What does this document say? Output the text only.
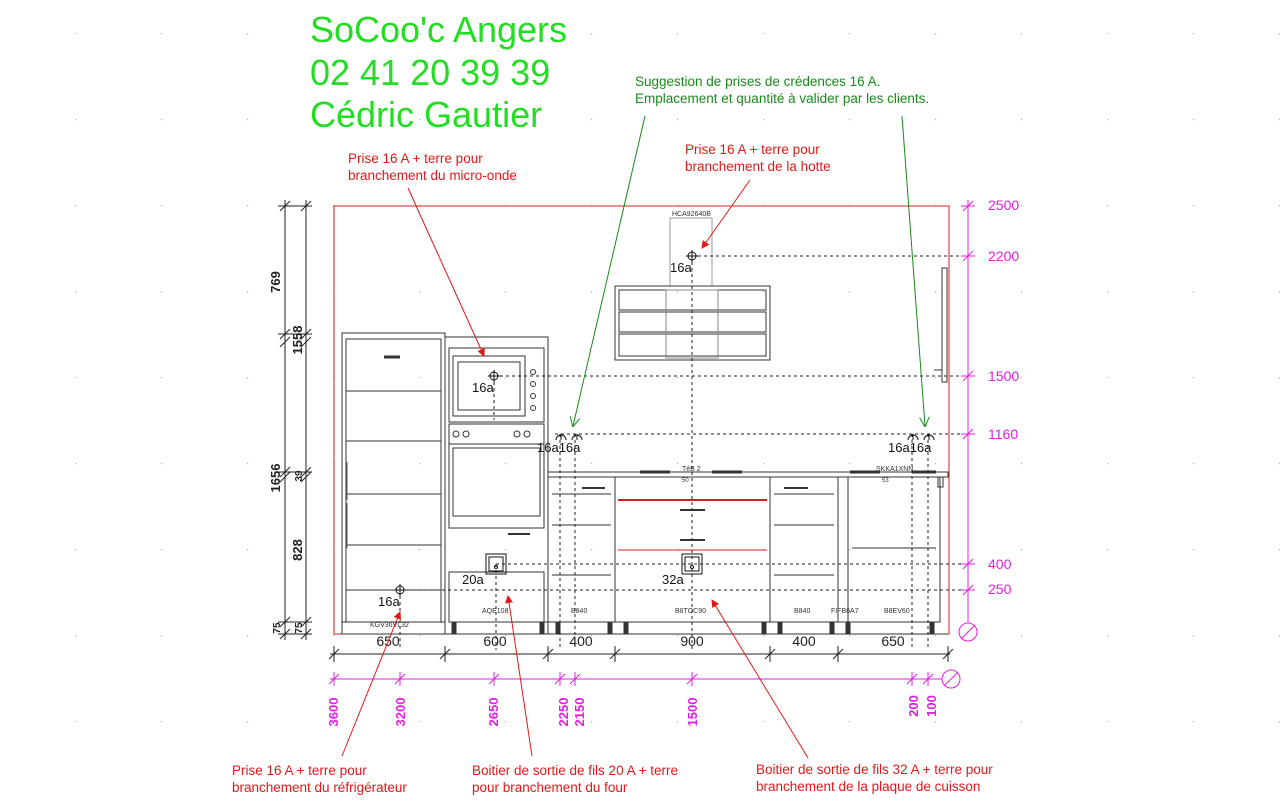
KGV36VL32
AQE108	B840	B8TOC90
TéB 2
50
B840	FIFB6A7	B8EV60
SKKA1XNN
53
HCA92640B
16a
16a
16a
20a	32a
16a16a	16a16a
769
1558
1656 39
828
75 75
650	600	400	900	400	650
3600	3200	2650	2250 2150	1500	200 100
2500
2200
1500
1160
400
250
SoCoo'c Angers
02 41 20 39 39
Cédric Gautier
Suggestion de prises de crédences 16 A.
Emplacement et quantité à valider par les clients.
Prise 16 A + terre pour
branchement de la hotte
Prise 16 A + terre pour
branchement du micro-onde
Prise 16 A + terre pour
branchement du réfrigérateur
Boitier de sortie de fils 20 A + terre
pour branchement du four
Boitier de sortie de fils 32 A + terre pour
branchement de la plaque de cuisson
